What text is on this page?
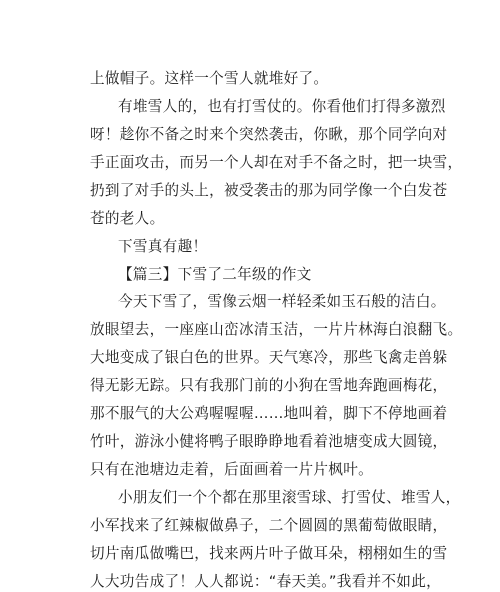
上做帽子。这样一个雪人就堆好了。
有堆雪人的，也有打雪仗的。你看他们打得多激烈
呀！趁你不备之时来个突然袭击，你瞅，那个同学向对
手正面攻击，而另一个人却在对手不备之时，把一块雪，
扔到了对手的头上，被受袭击的那为同学像一个白发苍
苍的老人。
下雪真有趣！
【篇三】下雪了二年级的作文
今天下雪了，雪像云烟一样轻柔如玉石般的洁白。
放眼望去，一座座山峦冰清玉洁，一片片林海白浪翻飞。
大地变成了银白色的世界。天气寒冷，那些飞禽走兽躲
得无影无踪。只有我那门前的小狗在雪地奔跑画梅花，
那不服气的大公鸡喔喔喔……地叫着，脚下不停地画着
竹叶，游泳小健将鸭子眼睁睁地看着池塘变成大圆镜，
只有在池塘边走着，后面画着一片片枫叶。
小朋友们一个个都在那里滚雪球、打雪仗、堆雪人，
小军找来了红辣椒做鼻子，二个圆圆的黑葡萄做眼睛，
切片南瓜做嘴巴，找来两片叶子做耳朵，栩栩如生的雪
人大功告成了！人人都说：“春天美。”我看并不如此，
